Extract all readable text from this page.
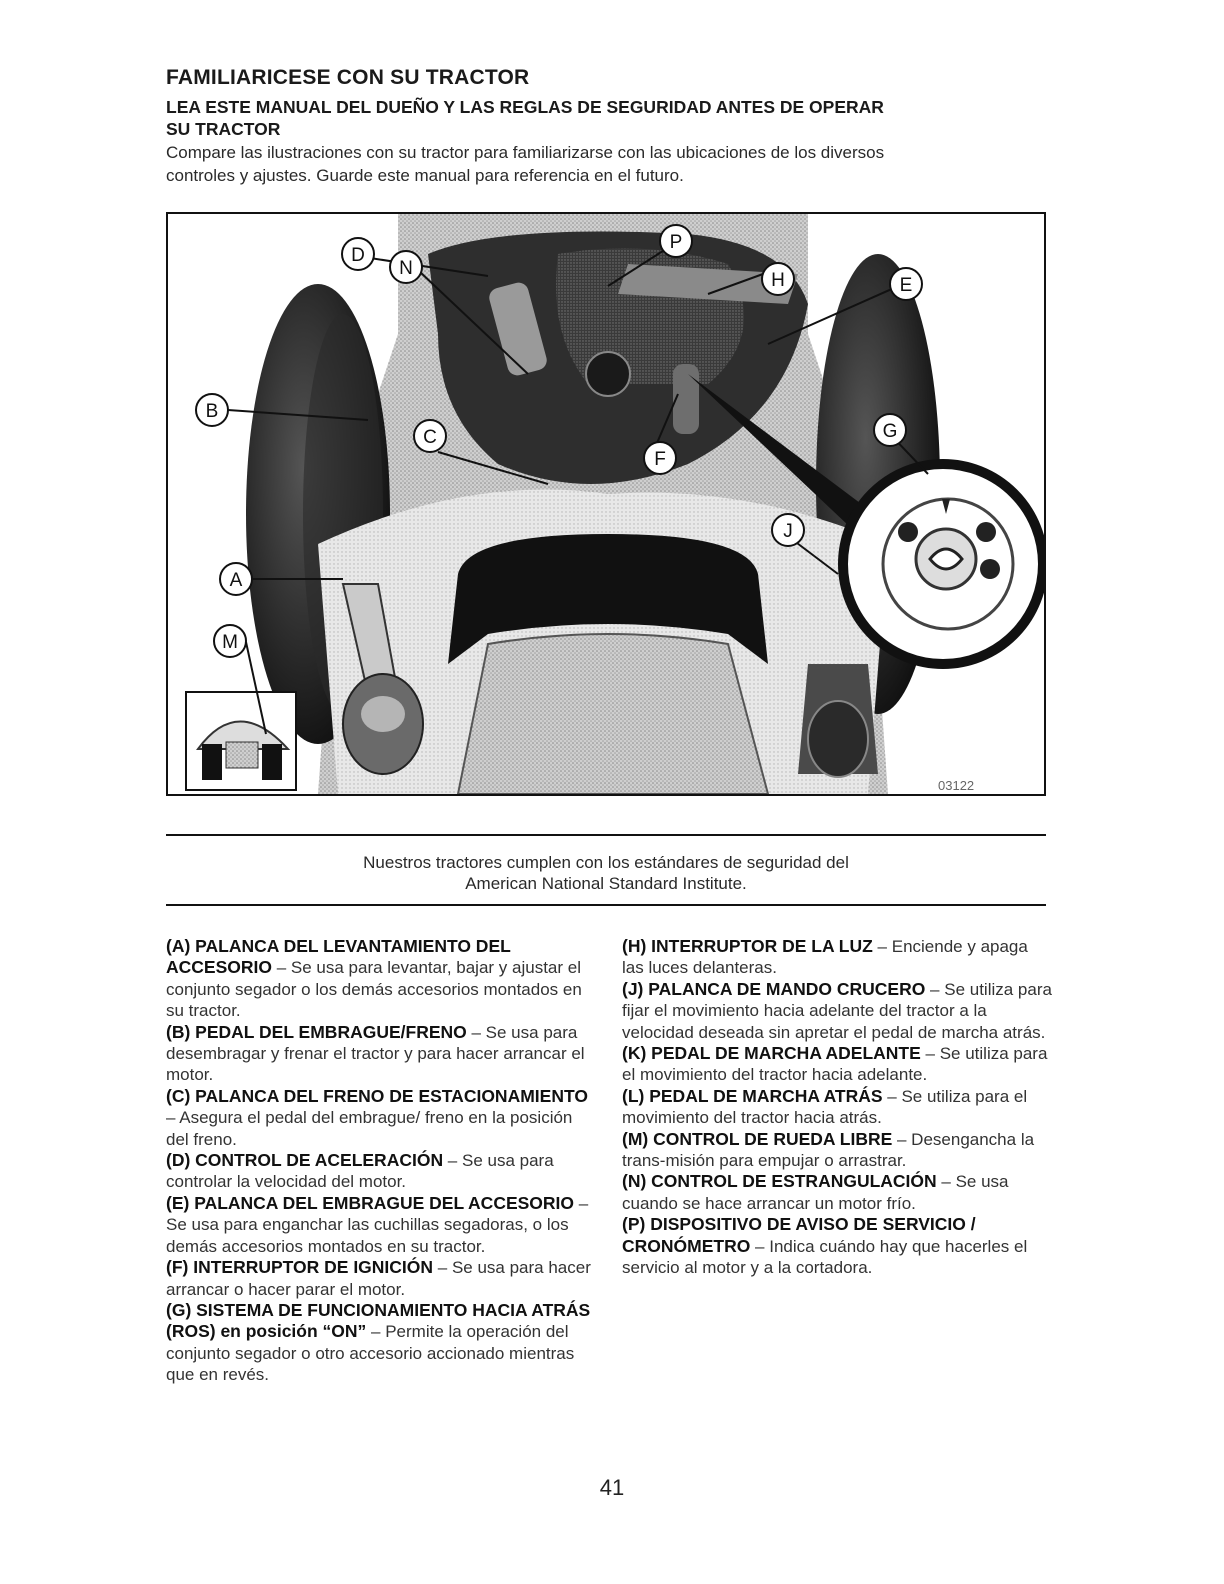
FAMILIARICESE CON SU TRACTOR
LEA ESTE MANUAL DEL DUEÑO Y LAS REGLAS DE SEGURIDAD ANTES DE OPERAR
SU TRACTOR
Compare las ilustraciones con su tractor para familiarizarse con las ubicaciones de los diversos
controles y ajustes. Guarde este manual para referencia en el futuro.
D
P
H	E
N
B
C
F
G
J
A
M
03122
Nuestros tractores cumplen con los estándares de seguridad del
American National Standard Institute.

(A) PALANCA DEL LEVANTAMIENTO DEL ACCESORIO – Se usa para levantar, bajar y ajustar el conjunto segador o los demás accesorios montados en su tractor.

(B) PEDAL DEL EMBRAGUE/FRENO – Se usa para desembragar y frenar el tractor y para hacer arrancar el motor.

(C) PALANCA DEL FRENO DE ESTACIONAMIENTO – Asegura el pedal del embrague/ freno en la posición del freno.

(D) CONTROL DE ACELERACIÓN – Se usa para controlar la velocidad del motor.

(E) PALANCA DEL EMBRAGUE DEL ACCESORIO – Se usa para enganchar las cuchillas segadoras, o los demás accesorios montados en su tractor.

(F) INTERRUPTOR DE IGNICIÓN – Se usa para hacer arrancar o hacer parar el motor.

(G) SISTEMA DE FUNCIONAMIENTO HACIA ATRÁS (ROS) en posición “ON” – Permite la operación del conjunto segador o otro accesorio accionado mientras que en revés.

(H) INTERRUPTOR DE LA LUZ – Enciende y apaga las luces delanteras.

(J) PALANCA DE MANDO CRUCERO – Se utiliza para fijar el movimiento hacia adelante del tractor a la velocidad deseada sin apretar el pedal de marcha atrás.

(K) PEDAL DE MARCHA ADELANTE – Se utiliza para el movimiento del tractor hacia adelante.

(L) PEDAL DE MARCHA ATRÁS – Se utiliza para el movimiento del tractor hacia atrás.

(M) CONTROL DE RUEDA LIBRE – Desengancha la trans-misión para empujar o arrastrar.

(N) CONTROL DE ESTRANGULACIÓN – Se usa cuando se hace arrancar un motor frío.

(P) DISPOSITIVO DE AVISO DE SERVICIO / CRONÓMETRO – Indica cuándo hay que hacerles el servicio al motor y a la cortadora.

41
